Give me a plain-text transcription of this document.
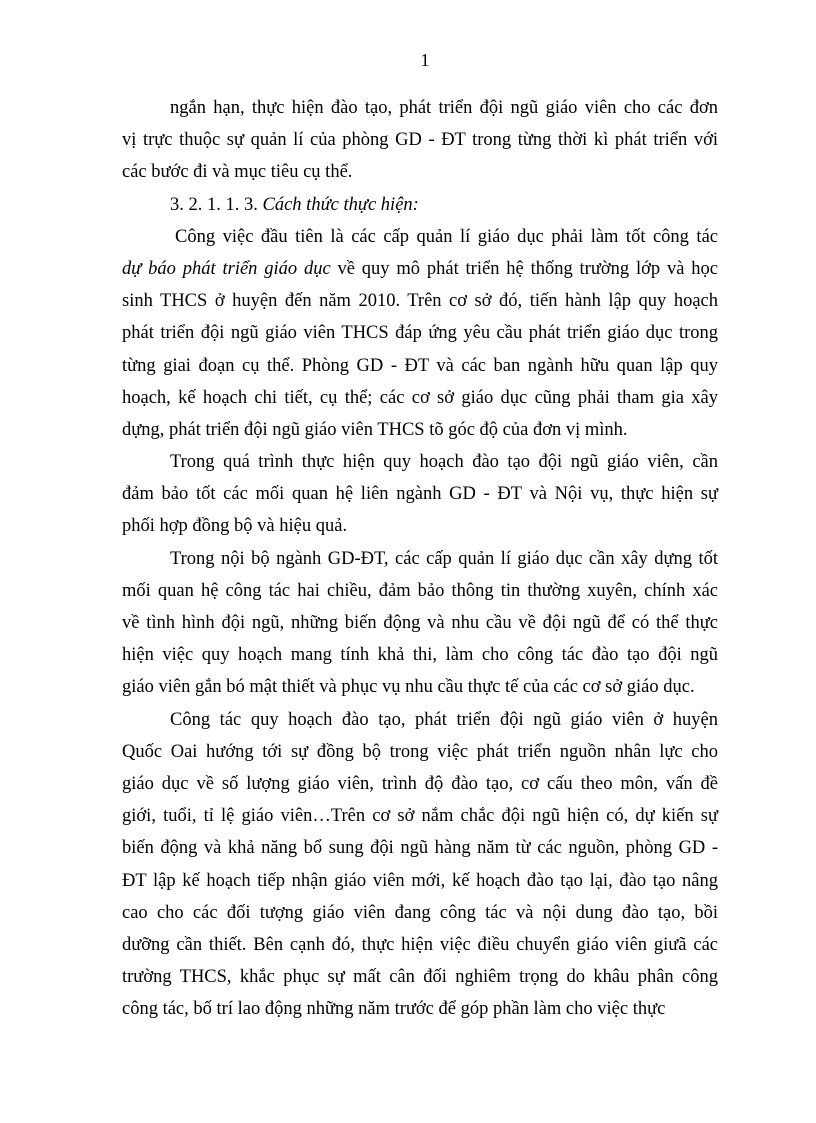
1
ngắn hạn, thực hiện đào tạo, phát triển đội ngũ giáo viên cho các đơn
vị trực thuộc sự quản lí của phòng GD - ĐT trong từng thời kì phát triển với
các bước đi và mục tiêu cụ thể.
3. 2. 1. 1. 3. Cách thức thực hiện:
Công việc đầu tiên là các cấp quản lí giáo dục phải làm tốt công tác
dự báo phát triển giáo dục về quy mô phát triển hệ thống trường lớp và học
sinh THCS ở huyện đến năm 2010. Trên cơ sở đó, tiến hành lập quy hoạch
phát triển đội ngũ giáo viên THCS đáp ứng yêu cầu phát triển giáo dục trong
từng giai đoạn cụ thể. Phòng GD - ĐT và các ban ngành hữu quan lập quy
hoạch, kế hoạch chi tiết, cụ thể; các cơ sở giáo dục cũng phải tham gia xây
dựng, phát triển đội ngũ giáo viên THCS tõ góc độ của đơn vị mình.
Trong quá trình thực hiện quy hoạch đào tạo đội ngũ giáo viên, cần
đảm bảo tốt các mối quan hệ liên ngành GD - ĐT và Nội vụ, thực hiện sự
phối hợp đồng bộ và hiệu quả.
Trong nội bộ ngành GD-ĐT, các cấp quản lí giáo dục cần xây dựng tốt
mối quan hệ công tác hai chiều, đảm bảo thông tin thường xuyên, chính xác
về tình hình đội ngũ, những biến động và nhu cầu về đội ngũ để có thể thực
hiện việc quy hoạch mang tính khả thi, làm cho công tác đào tạo đội ngũ
giáo viên gắn bó mật thiết và phục vụ nhu cầu thực tế của các cơ sở giáo dục.
Công tác quy hoạch đào tạo, phát triển đội ngũ giáo viên ở huyện
Quốc Oai hướng tới sự đồng bộ trong việc phát triển nguồn nhân lực cho
giáo dục về số lượng giáo viên, trình độ đào tạo, cơ cấu theo môn, vấn đề
giới, tuổi, tỉ lệ giáo viên…Trên cơ sở nắm chắc đội ngũ hiện có, dự kiến sự
biến động và khả năng bổ sung đội ngũ hàng năm từ các nguồn, phòng GD -
ĐT lập kế hoạch tiếp nhận giáo viên mới, kế hoạch đào tạo lại, đào tạo nâng
cao cho các đối tượng giáo viên đang công tác và nội dung đào tạo, bồi
dưỡng cần thiết. Bên cạnh đó, thực hiện việc điều chuyển giáo viên giưã các
trường THCS, khắc phục sự mất cân đối nghiêm trọng do khâu phân công
công tác, bố trí lao động những năm trước để góp phần làm cho việc thực
